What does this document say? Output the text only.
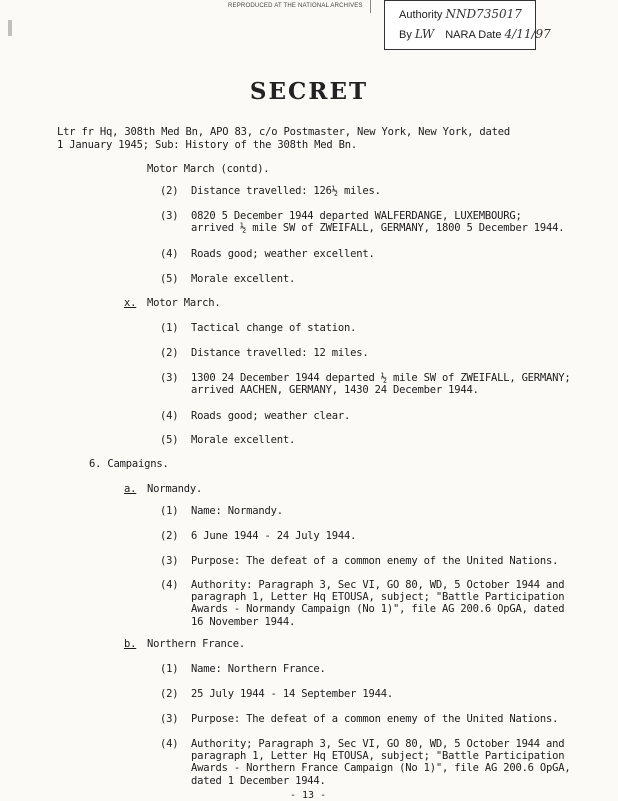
REPRODUCED AT THE NATIONAL ARCHIVES
Authority NND735017
By LW NARA Date 4/11/97
SECRET
Ltr fr Hq, 308th Med Bn, APO 83, c/o Postmaster, New York, New York, dated
1 January 1945; Sub: History of the 308th Med Bn.
Motor March (contd).
(2) Distance travelled: 126½ miles.
(3) 0820 5 December 1944 departed WALFERDANGE, LUXEMBOURG;
arrived ½ mile SW of ZWEIFALL, GERMANY, 1800 5 December 1944.
(4) Roads good; weather excellent.
(5) Morale excellent.
x. Motor March.
(1) Tactical change of station.
(2) Distance travelled: 12 miles.
(3) 1300 24 December 1944 departed ½ mile SW of ZWEIFALL, GERMANY;
arrived AACHEN, GERMANY, 1430 24 December 1944.
(4) Roads good; weather clear.
(5) Morale excellent.
6. Campaigns.
a. Normandy.
(1) Name: Normandy.
(2) 6 June 1944 - 24 July 1944.
(3) Purpose: The defeat of a common enemy of the United Nations.
(4) Authority: Paragraph 3, Sec VI, GO 80, WD, 5 October 1944 and
paragraph 1, Letter Hq ETOUSA, subject; "Battle Participation
Awards - Normandy Campaign (No 1)", file AG 200.6 OpGA, dated
16 November 1944.
b. Northern France.
(1) Name: Northern France.
(2) 25 July 1944 - 14 September 1944.
(3) Purpose: The defeat of a common enemy of the United Nations.
(4) Authority; Paragraph 3, Sec VI, GO 80, WD, 5 October 1944 and
paragraph 1, Letter Hq ETOUSA, subject; "Battle Participation
Awards - Northern France Campaign (No 1)", file AG 200.6 OpGA,
dated 1 December 1944.
- 13 -
